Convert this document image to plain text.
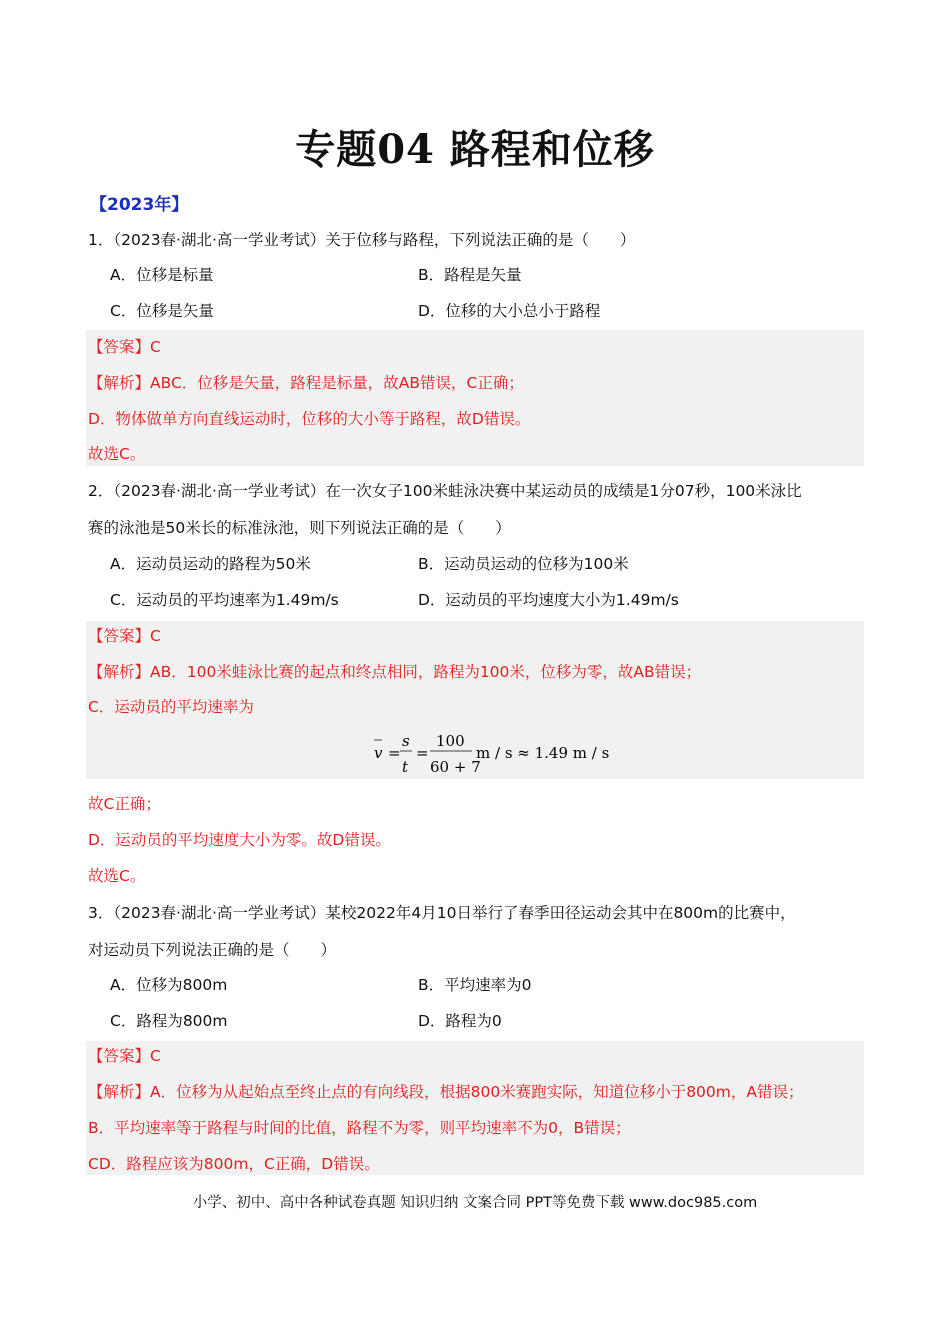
专题04 路程和位移
【2023年】
1．（2023春·湖北·高一学业考试）关于位移与路程，下列说法正确的是（　　）
A．位移是标量	B．路程是矢量
C．位移是矢量	D．位移的大小总小于路程
【答案】C
【解析】ABC．位移是矢量，路程是标量，故AB错误，C正确；
D．物体做单方向直线运动时，位移的大小等于路程，故D错误。
故选C。
2．（2023春·湖北·高一学业考试）在一次女子100米蛙泳决赛中某运动员的成绩是1分07秒，100米泳比
赛的泳池是50米长的标准泳池，则下列说法正确的是（　　）
A．运动员运动的路程为50米	B．运动员运动的位移为100米
C．运动员的平均速率为1.49m/s	D．运动员的平均速度大小为1.49m/s
【答案】C
【解析】AB．100米蛙泳比赛的起点和终点相同，路程为100米，位移为零，故AB错误；
C．运动员的平均速率为
v =
s
t
=
100
60 + 7
m / s ≈ 1.49 m / s
故C正确；
D．运动员的平均速度大小为零。故D错误。
故选C。
3．（2023春·湖北·高一学业考试）某校2022年4月10日举行了春季田径运动会其中在800m的比赛中，
对运动员下列说法正确的是（　　）
A．位移为800m	B．平均速率为0
C．路程为800m	D．路程为0
【答案】C
【解析】A．位移为从起始点至终止点的有向线段，根据800米赛跑实际，知道位移小于800m，A错误；
B．平均速率等于路程与时间的比值，路程不为零，则平均速率不为0，B错误；
CD．路程应该为800m，C正确，D错误。
小学、初中、高中各种试卷真题 知识归纳 文案合同 PPT等免费下载 www.doc985.com
